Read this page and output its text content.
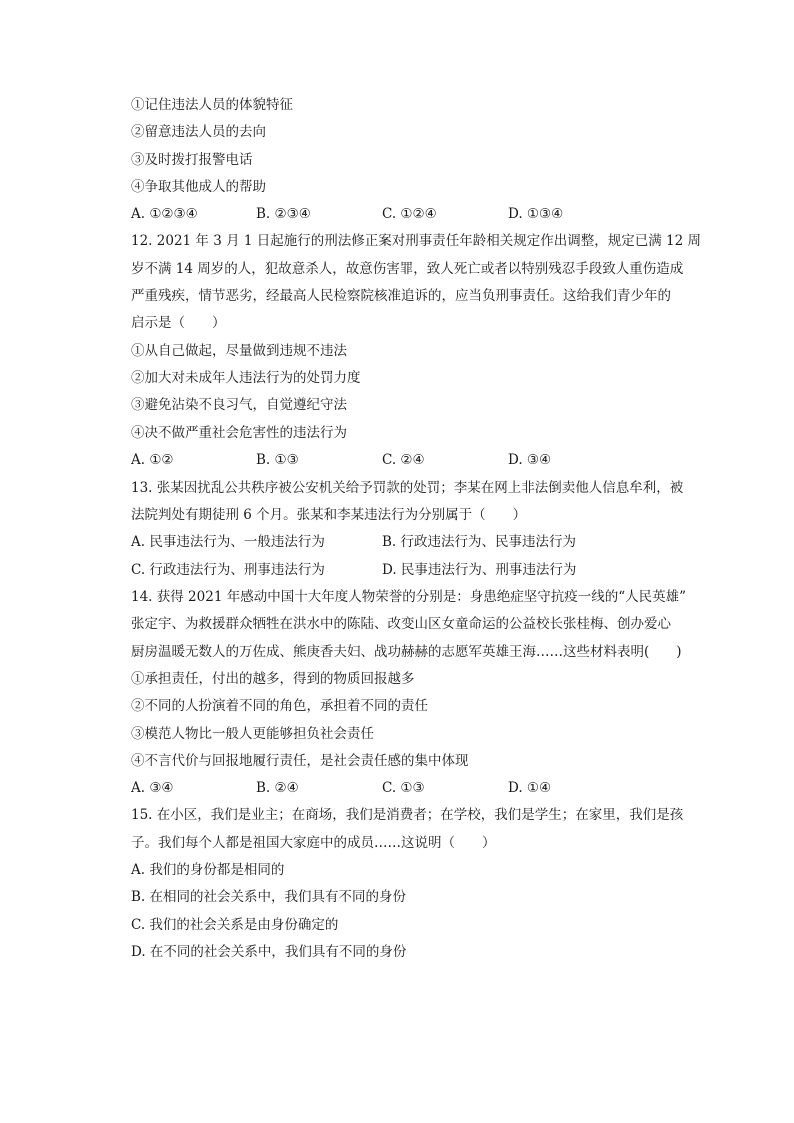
①记住违法人员的体貌特征
②留意违法人员的去向
③及时拨打报警电话
④争取其他成人的帮助
A. ①②③④	B. ②③④	C. ①②④	D. ①③④
12. 2021 年 3 月 1 日起施行的刑法修正案对刑事责任年龄相关规定作出调整，规定已满 12 周
岁不满 14 周岁的人，犯故意杀人，故意伤害罪，致人死亡或者以特别残忍手段致人重伤造成
严重残疾，情节恶劣，经最高人民检察院核准追诉的，应当负刑事责任。这给我们青少年的
启示是（　　）
①从自己做起，尽量做到违规不违法
②加大对未成年人违法行为的处罚力度
③避免沾染不良习气，自觉遵纪守法
④决不做严重社会危害性的违法行为
A. ①②	B. ①③	C. ②④	D. ③④
13. 张某因扰乱公共秩序被公安机关给予罚款的处罚；李某在网上非法倒卖他人信息牟利，被
法院判处有期徒刑 6 个月。张某和李某违法行为分别属于（　　）
A. 民事违法行为、一般违法行为	B. 行政违法行为、民事违法行为
C. 行政违法行为、刑事违法行为	D. 民事违法行为、刑事违法行为
14. 获得 2021 年感动中国十大年度人物荣誉的分别是：身患绝症坚守抗疫一线的“人民英雄”
张定宇、为救援群众牺牲在洪水中的陈陆、改变山区女童命运的公益校长张桂梅、创办爱心
厨房温暖无数人的万佐成、熊庚香夫妇、战功赫赫的志愿军英雄王海……这些材料表明(　　)
①承担责任，付出的越多，得到的物质回报越多
②不同的人扮演着不同的角色，承担着不同的责任
③模范人物比一般人更能够担负社会责任
④不言代价与回报地履行责任，是社会责任感的集中体现
A. ③④	B. ②④	C. ①③	D. ①④
15. 在小区，我们是业主；在商场，我们是消费者；在学校，我们是学生；在家里，我们是孩
子。我们每个人都是祖国大家庭中的成员……这说明（　　）
A. 我们的身份都是相同的
B. 在相同的社会关系中，我们具有不同的身份
C. 我们的社会关系是由身份确定的
D. 在不同的社会关系中，我们具有不同的身份
